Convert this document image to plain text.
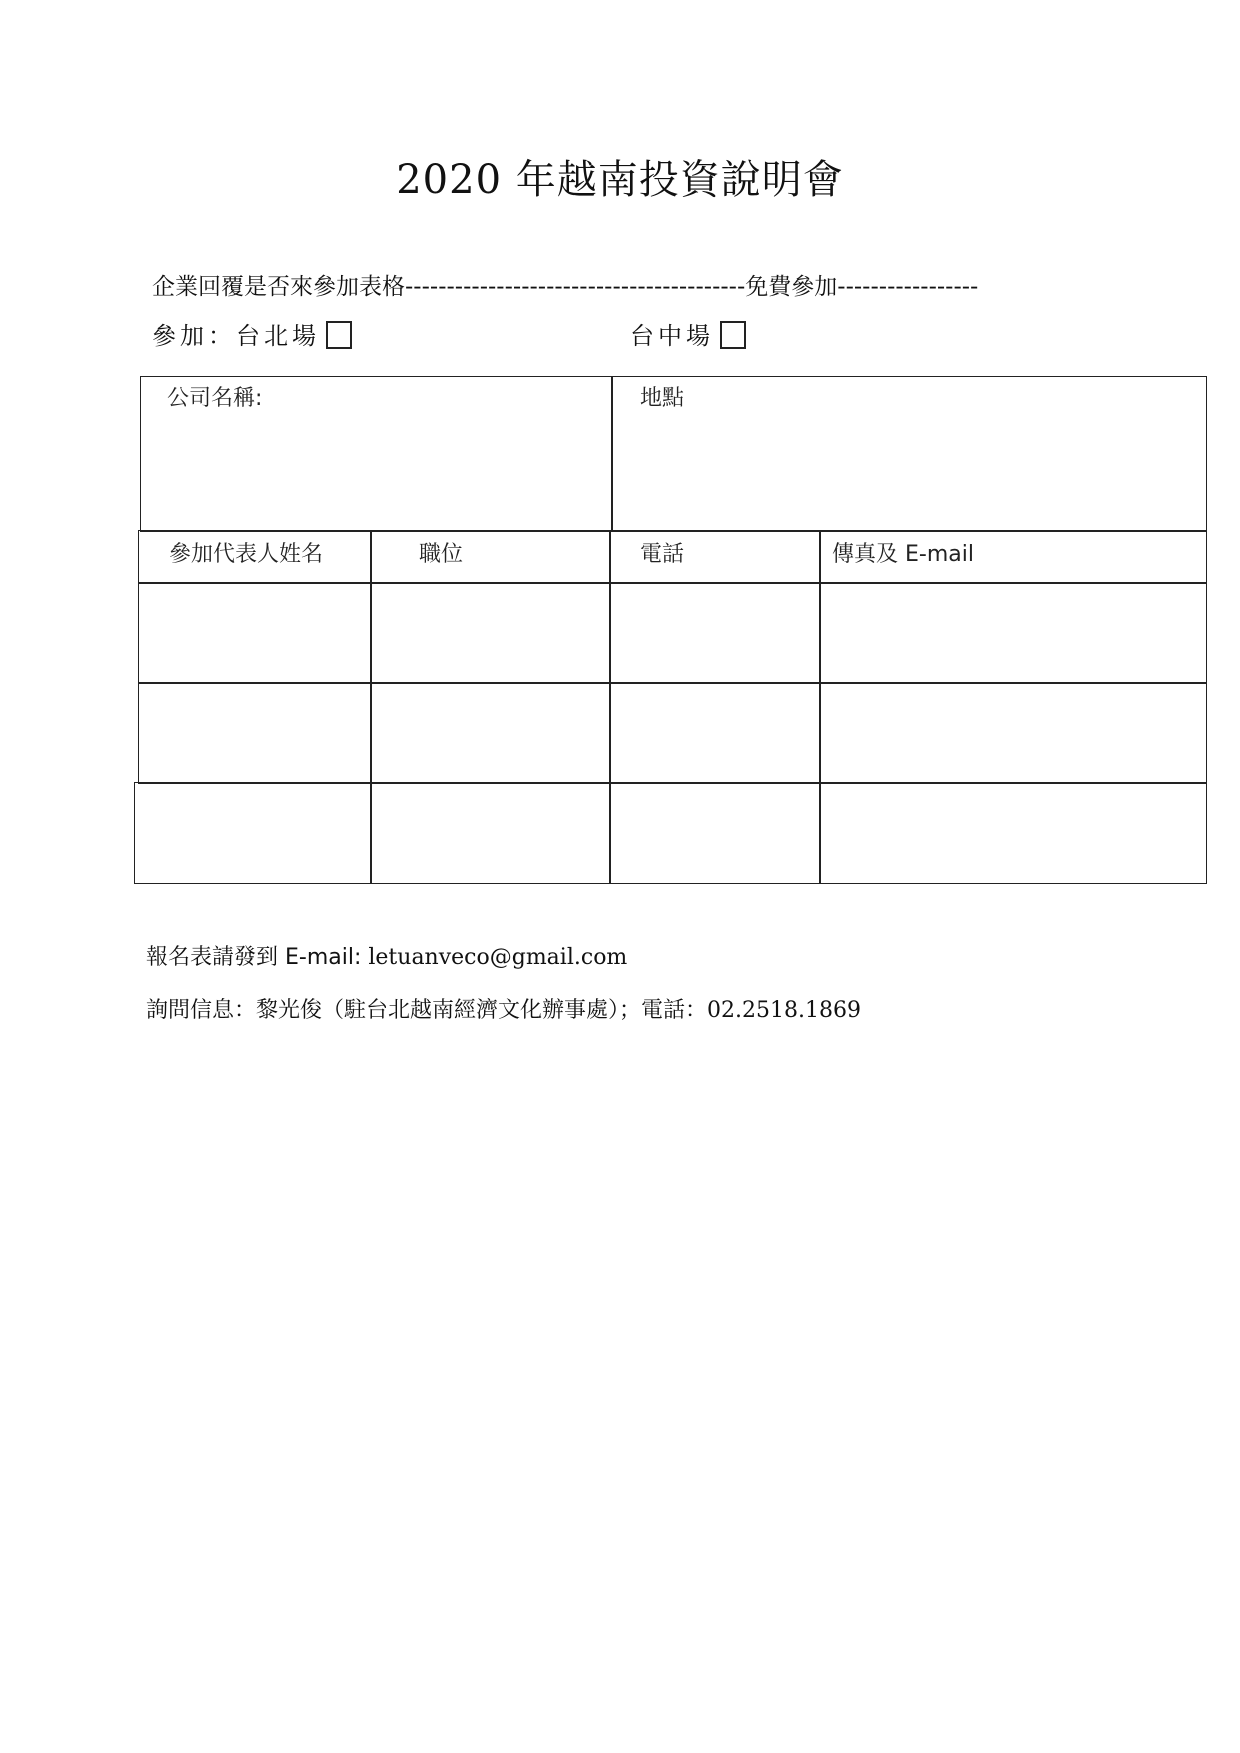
2020 年越南投資說明會
企業回覆是否來參加表格-----------------------------------------免費參加-----------------
參加：台北場	台中場
公司名稱:	地點
參加代表人姓名	職位	電話	傳真及 E-mail
報名表請發到 E-mail: letuanveco@gmail.com
詢問信息：黎光俊（駐台北越南經濟文化辦事處）；電話：02.2518.1869
